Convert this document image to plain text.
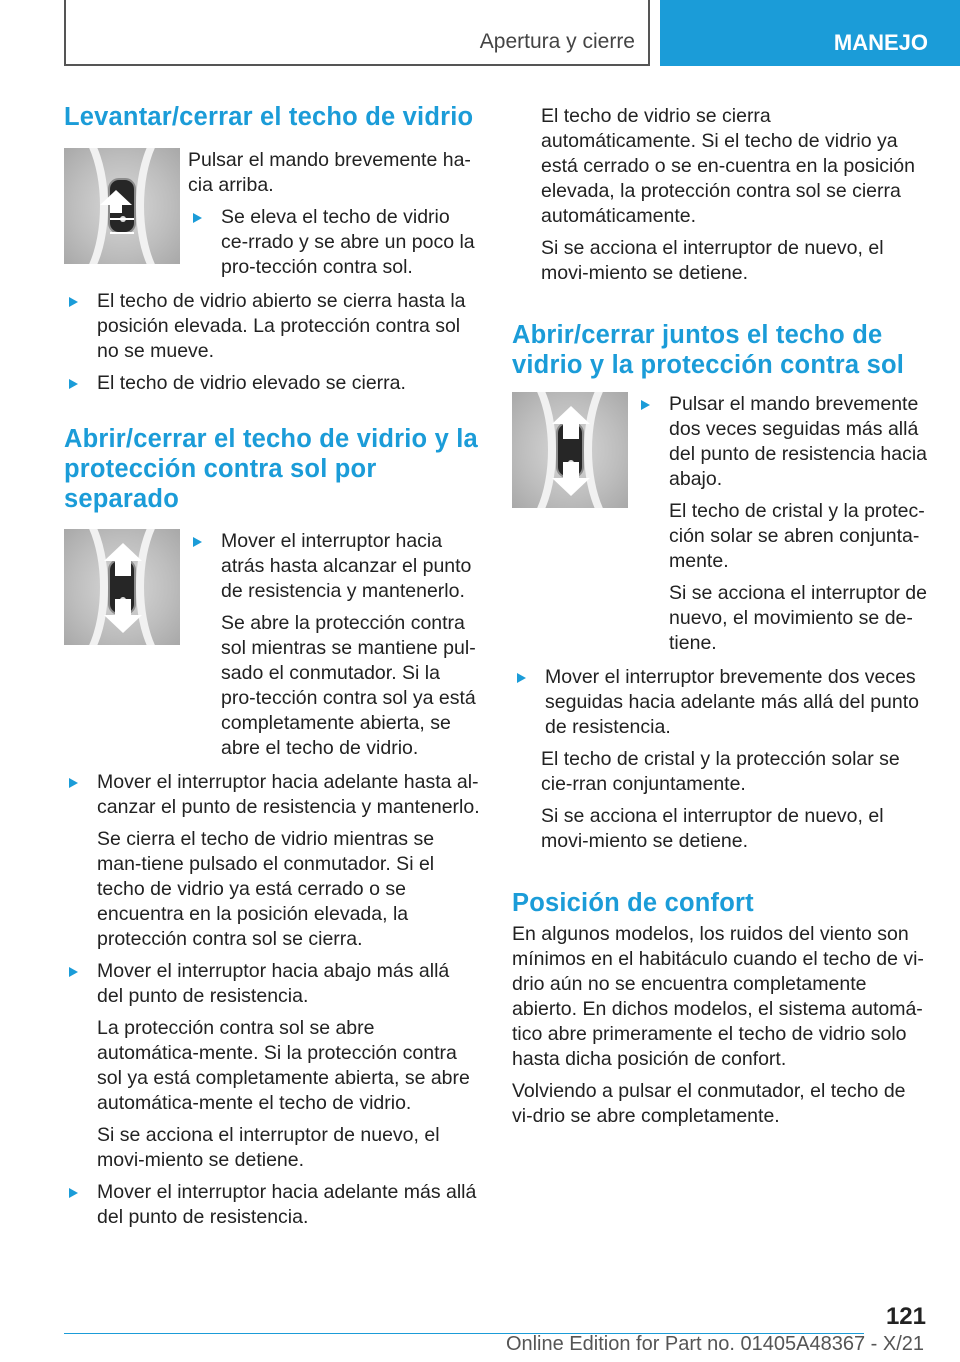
Apertura y cierre	MANEJO
Levantar/cerrar el techo de vidrio

Pulsar el mando brevemente ha-cia arriba.

Se eleva el techo de vidrio ce-rrado y se abre un poco la pro-tección contra sol.

El techo de vidrio abierto se cierra hasta la posición elevada. La protección contra sol no se mueve.

El techo de vidrio elevado se cierra.

Abrir/cerrar el techo de vidrio y la protección contra sol por separado

Mover el interruptor hacia atrás hasta alcanzar el punto de resistencia y mantenerlo.

Se abre la protección contra sol mientras se mantiene pul-sado el conmutador. Si la pro-tección contra sol ya está completamente abierta, se abre el techo de vidrio.

Mover el interruptor hacia adelante hasta al-canzar el punto de resistencia y mantenerlo.

Se cierra el techo de vidrio mientras se man-tiene pulsado el conmutador. Si el techo de vidrio ya está cerrado o se encuentra en la posición elevada, la protección contra sol se cierra.

Mover el interruptor hacia abajo más allá del punto de resistencia.

La protección contra sol se abre automática-mente. Si la protección contra sol ya está completamente abierta, se abre automática-mente el techo de vidrio.

Si se acciona el interruptor de nuevo, el movi-miento se detiene.

Mover el interruptor hacia adelante más allá del punto de resistencia.

El techo de vidrio se cierra automáticamente. Si el techo de vidrio ya está cerrado o se en-cuentra en la posición elevada, la protección contra sol se cierra automáticamente.

Si se acciona el interruptor de nuevo, el movi-miento se detiene.

Abrir/cerrar juntos el techo de vidrio y la protección contra sol

Pulsar el mando brevemente dos veces seguidas más allá del punto de resistencia hacia abajo.

El techo de cristal y la protec-ción solar se abren conjunta-mente.

Si se acciona el interruptor de nuevo, el movimiento se de-tiene.

Mover el interruptor brevemente dos veces seguidas hacia adelante más allá del punto de resistencia.

El techo de cristal y la protección solar se cie-rran conjuntamente.

Si se acciona el interruptor de nuevo, el movi-miento se detiene.

Posición de confort

En algunos modelos, los ruidos del viento son mínimos en el habitáculo cuando el techo de vi-drio aún no se encuentra completamente abierto. En dichos modelos, el sistema automá-tico abre primeramente el techo de vidrio solo hasta dicha posición de confort.

Volviendo a pulsar el conmutador, el techo de vi-drio se abre completamente.

121
Online Edition for Part no. 01405A48367 - X/21
